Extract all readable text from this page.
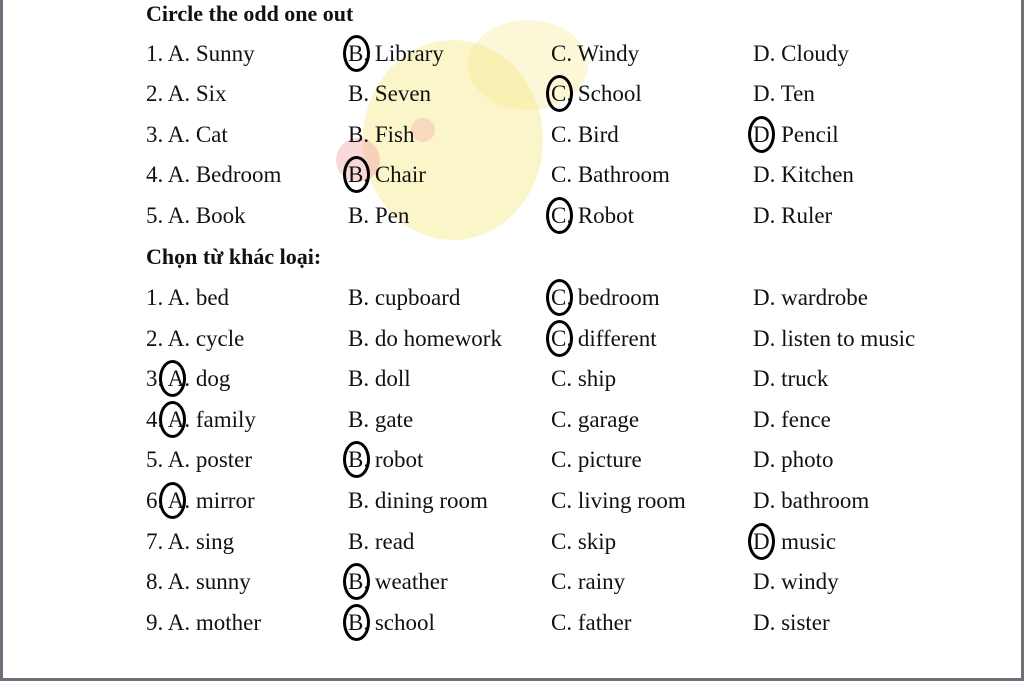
Circle the odd one out
1. A. Sunny	B. Library	C. Windy	D. Cloudy
2. A. Six	B. Seven	C. School	D. Ten
3. A. Cat	B. Fish	C. Bird	D. Pencil
4. A. Bedroom	B. Chair	C. Bathroom	D. Kitchen
5. A. Book	B. Pen	C. Robot	D. Ruler
Chọn từ khác loại:
1. A. bed	B. cupboard	C. bedroom	D. wardrobe
2. A. cycle	B. do homework C. different	D. listen to music
3. A. dog	B. doll	C. ship	D. truck
4. A. family	B. gate	C. garage	D. fence
5. A. poster	B. robot	C. picture	D. photo
6. A. mirror	B. dining room	C. living room	D. bathroom
7. A. sing	B. read	C. skip	D. music
8. A. sunny	B. weather	C. rainy	D. windy
9. A. mother	B. school	C. father	D. sister
